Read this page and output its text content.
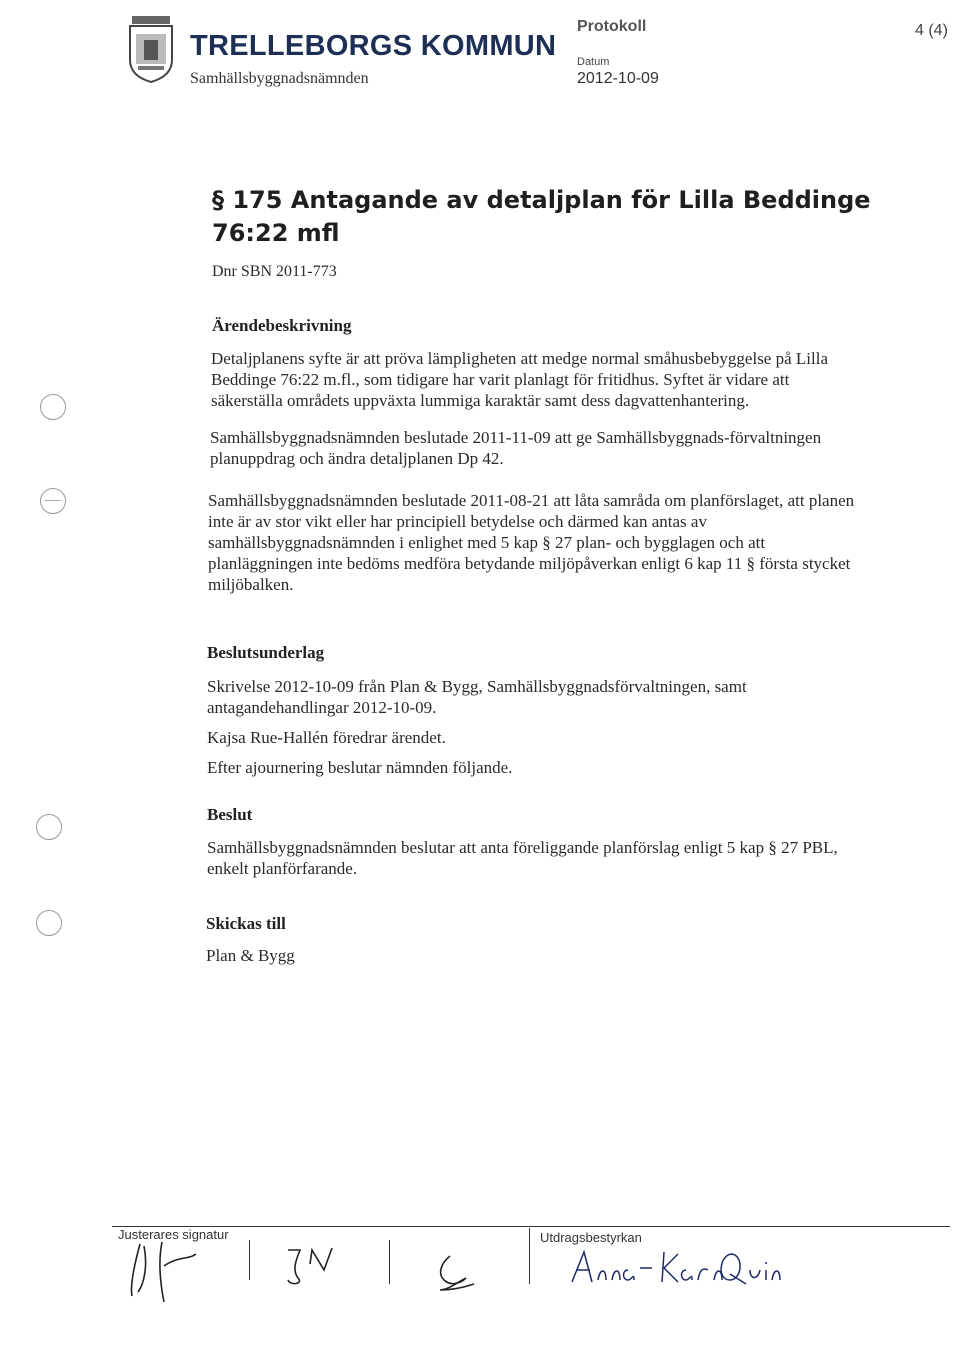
TRELLEBORGS KOMMUN
Samhällsbyggnadsnämnden
Protokoll
Datum
2012-10-09
4 (4)
§ 175 Antagande av detaljplan för Lilla Beddinge 76:22 mfl
Dnr SBN 2011-773
Ärendebeskrivning
Detaljplanens syfte är att pröva lämpligheten att medge normal småhusbebyggelse på Lilla Beddinge 76:22 m.fl., som tidigare har varit planlagt för fritidhus. Syftet är vidare att säkerställa områdets uppväxta lummiga karaktär samt dess dagvattenhantering.
Samhällsbyggnadsnämnden beslutade 2011-11-09 att ge Samhällsbyggnads-förvaltningen planuppdrag och ändra detaljplanen Dp 42.
Samhällsbyggnadsnämnden beslutade 2011-08-21 att låta samråda om planförslaget, att planen inte är av stor vikt eller har principiell betydelse och därmed kan antas av samhällsbyggnadsnämnden i enlighet med 5 kap § 27 plan- och bygglagen och att planläggningen inte bedöms medföra betydande miljöpåverkan enligt 6 kap 11 § första stycket miljöbalken.
Beslutsunderlag
Skrivelse 2012-10-09 från Plan & Bygg, Samhällsbyggnadsförvaltningen, samt antagandehandlingar 2012-10-09.
Kajsa Rue-Hallén föredrar ärendet.
Efter ajournering beslutar nämnden följande.
Beslut
Samhällsbyggnadsnämnden beslutar att anta föreliggande planförslag enligt 5 kap § 27 PBL, enkelt planförfarande.
Skickas till
Plan & Bygg
Justerares signatur	Utdragsbestyrkan
